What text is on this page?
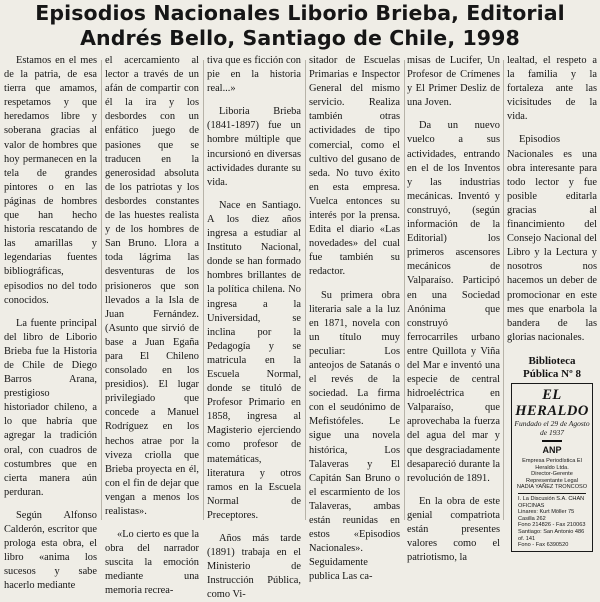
Episodios Nacionales Liborio Brieba, Editorial
Andrés Bello, Santiago de Chile, 1998

Estamos en el mes de la patria, de esa tierra que amamos, respetamos y que heredamos libre y soberana gracias al valor de hombres que hoy permanecen en la tela de grandes pintores o en las páginas de hombres que han hecho historia rescatando de las amarillas y legendarias fuentes bibliográficas, episodios no del todo conocidos.

La fuente principal del libro de Liborio Brieba fue la Historia de Chile de Diego Barros Arana, prestigioso historiador chileno, a lo que habría que agregar la tradición oral, con cuadros de costumbres que en cierta manera aún perduran.

Según Alfonso Calderón, escritor que prologa esta obra, el libro «anima los sucesos y sabe hacerlo mediante

el acercamiento al lector a través de un afán de compartir con él la ira y los desbordes con un enfático juego de pasiones que se traducen en la generosidad absoluta de los patriotas y los desbordes constantes de las huestes realista y de los hombres de San Bruno. Llora a toda lágrima las desventuras de los prisioneros que son llevados a la Isla de Juan Fernández. (Asunto que sirvió de base a Juan Egaña para El Chileno consolado en los presidios). El lugar privilegiado que concede a Manuel Rodríguez en los hechos atrae por la viveza criolla que Brieba proyecta en él, con el fin de dejar que vengan a menos los realistas».

«Lo cierto es que la obra del narrador suscita la emoción mediante una memoria recrea-

tiva que es ficción con pie en la historia real...»

Liboria Brieba (1841-1897) fue un hombre múltiple que incursionó en diversas actividades durante su vida.

Nace en Santiago. A los diez años ingresa a estudiar al Instituto Nacional, donde se han formado hombres brillantes de la política chilena. No ingresa a la Universidad, se inclina por la Pedagogía y se matricula en la Escuela Normal, donde se tituló de Profesor Primario en 1858, ingresa al Magisterio ejerciendo como profesor de matemáticas, literatura y otros ramos en la Escuela Normal de Preceptores.

Años más tarde (1891) trabaja en el Ministerio de Instrucción Pública, como Vi-

sitador de Escuelas Primarias e Inspector General del mismo servicio. Realiza también otras actividades de tipo comercial, como el cultivo del gusano de seda. No tuvo éxito en esta empresa. Vuelca entonces su interés por la prensa. Edita el diario «Las novedades» del cual fue también su redactor.

Su primera obra literaria sale a la luz en 1871, novela con un título muy peculiar: Los anteojos de Satanás o el revés de la sociedad. La firma con el seudónimo de Mefistófeles. Le sigue una novela histórica, Los Talaveras y El Capitán San Bruno o el escarmiento de los Talaveras, ambas están reunidas en estos «Episodios Nacionales». Seguidamente publica Las ca-

misas de Lucifer, Un Profesor de Crímenes y El Primer Desliz de una Joven.

Da un nuevo vuelco a sus actividades, entrando en el de los Inventos y las industrias mecánicas. Inventó y construyó, (según información de la Editorial) los primeros ascensores mecánicos de Valparaíso. Participó en una Sociedad Anónima que construyó ferrocarriles urbano entre Quillota y Viña del Mar e inventó una especie de central hidroeléctrica en Valparaíso, que aprovechaba la fuerza del agua del mar y que desgraciadamente desapareció durante la revolución de 1891.

En la obra de este genial compatriota están presentes valores como el patriotismo, la

lealtad, el respeto a la familia y la fortaleza ante las vicisitudes de la vida.

Episodios Nacionales es una obra interesante para todo lector y fue posible editarla gracias al financimiento del Consejo Nacional del Libro y la Lectura y nosotros nos hacemos un deber de promocionar en este mes que enarbola la bandera de las glorias nacionales.

Biblioteca
Pública Nº 8
EL HERALDO
Fundado el 29 de Agosto de 1937
ANP
Empresa Periodística El Heraldo Ltda.
Director-Gerente
Representante Legal
NADIA YAÑEZ TRONCOSO
I. La Discusión S.A. CHAN
OFICINAS
Linares: Kurt Möller 75 Casilla 262
Fono 214826 - Fax 210063
Santiago: San Antonio 486 of. 141
Fono - Fax 6390520
